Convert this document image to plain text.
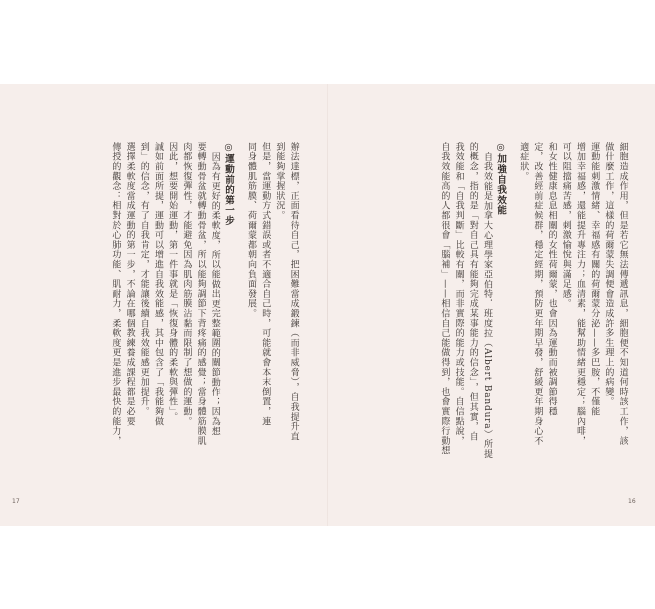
細胞造成作用，但是若它無法傳遞訊息，細胞便不知道何時該工作，該
做什麼工作，這樣的荷爾蒙失調便會造成許多生理上的病變。
運動能刺激情緒、幸福感有關的荷爾蒙分泌——多巴胺，不僅能
增加幸福感，還能提升專注力；血清素，能幫助情緒更穩定；腦內啡，
可以阻擋痛苦感，刺激愉悅與滿足感。
和女性健康息息相關的女性荷爾蒙，也會因為運動而被調節得穩
定，改善經前症候群，穩定經期，預防更年期早發，舒緩更年期身心不
適症狀。
◎加強自我效能
自我效能是加拿大心理學家亞伯特．班度拉（Albert Bandura）所提
的概念，指的是「對自己具有能夠完成某事能力的信念」，但其實，自
我效能和「自我判斷」比較有關，而非實際的能力或技能。自信點說，
自我效能高的人都很會「腦補」——相信自己能做得到，也會實際行動想
辦法達標，正面看待自己，把困難當成鍛鍊（而非威脅），自我提升直
到能夠掌握狀況。
但是，當運動方式錯誤或者不適合自己時，可能就會本末倒置，連
同身體肌筋膜、荷爾蒙都朝向負面發展。
◎運動前的第一步
因為有更好的柔軟度，所以能做出更完整範圍的關節動作；因為想
要轉動骨盆就轉動骨盆，所以能夠調節下背疼痛的感覺；當身體筋膜肌
肉都恢復彈性，才能避免因為肌肉筋膜沾黏而限制了想做的運動。
因此，想要開始運動，第一件事就是「恢復身體的柔軟與彈性」。
誠如前面所提，運動可以增進自我效能感，其中包含了「我能夠做
到」的信念，有了自我肯定，才能讓後續自我效能感更加提升。
選擇柔軟度當成運動的第一步，不論在哪個教練養成課程都是必要
傳授的觀念：相對於心肺功能、肌耐力，柔軟度更是進步最快的能力，
17	16
